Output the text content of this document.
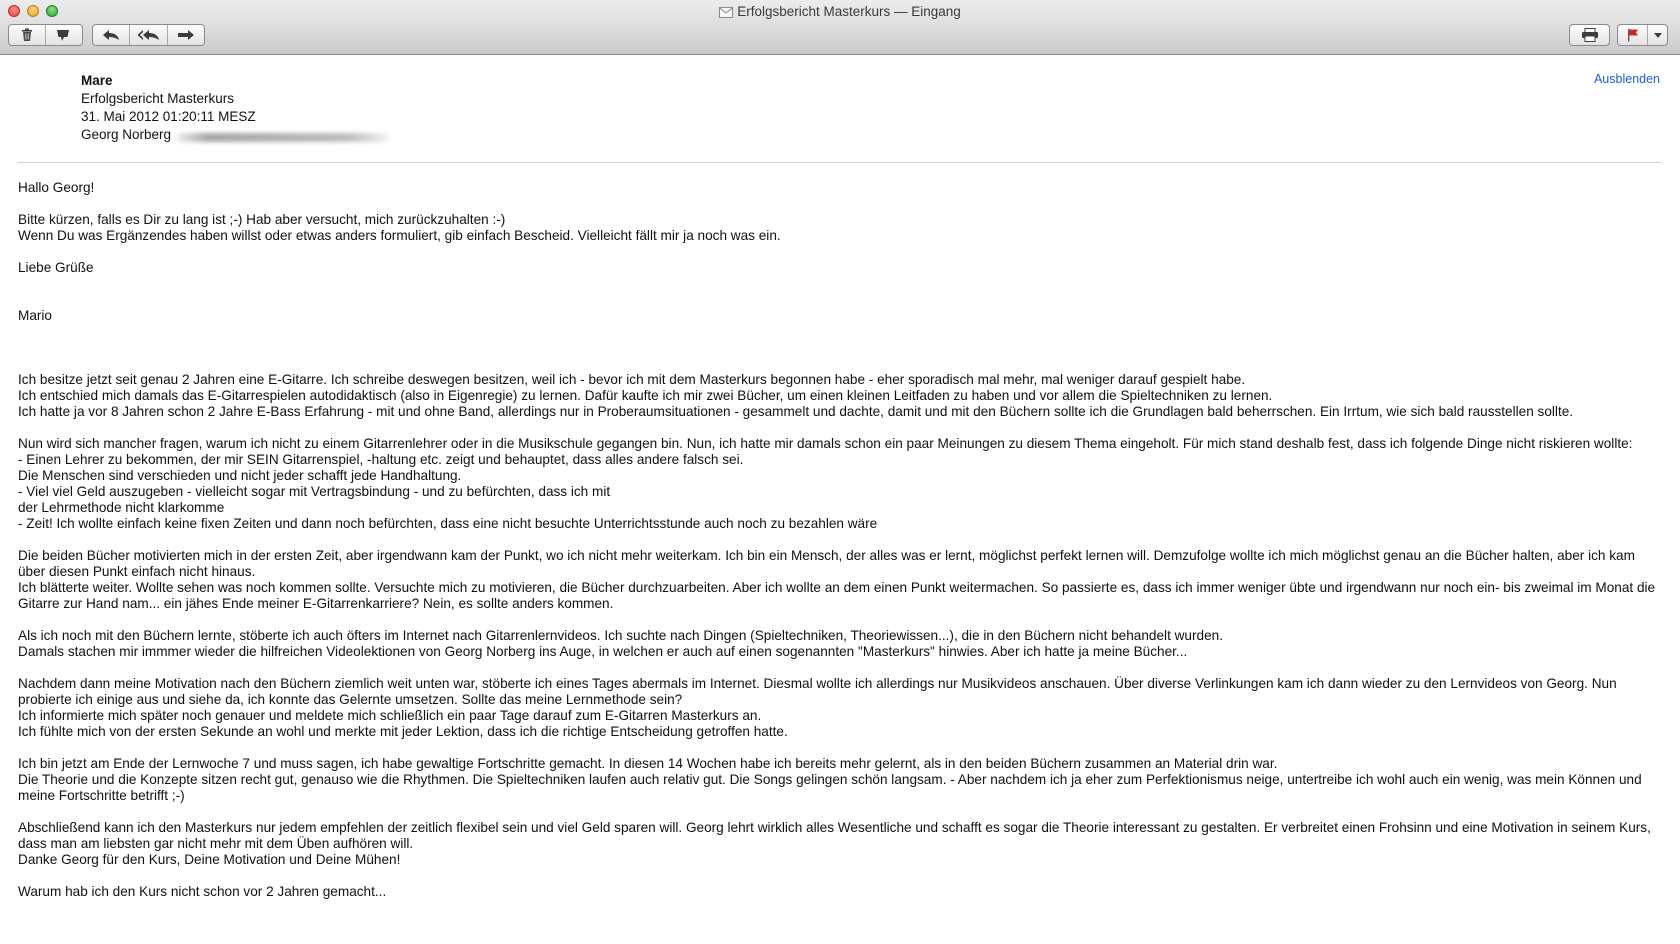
Erfolgsbericht Masterkurs — Eingang
Mare
Erfolgsbericht Masterkurs
31. Mai 2012 01:20:11 MESZ
Georg Norberg
Ausblenden

Hallo Georg!

Bitte kürzen, falls es Dir zu lang ist ;-) Hab aber versucht, mich zurückzuhalten :-)

Wenn Du was Ergänzendes haben willst oder etwas anders formuliert, gib einfach Bescheid. Vielleicht fällt mir ja noch was ein.

Liebe Grüße

Mario

Ich besitze jetzt seit genau 2 Jahren eine E-Gitarre. Ich schreibe deswegen besitzen, weil ich - bevor ich mit dem Masterkurs begonnen habe - eher sporadisch mal mehr, mal weniger darauf gespielt habe.
Ich entschied mich damals das E-Gitarrespielen autodidaktisch (also in Eigenregie) zu lernen. Dafür kaufte ich mir zwei Bücher, um einen kleinen Leitfaden zu haben und vor allem die Spieltechniken zu lernen.
Ich hatte ja vor 8 Jahren schon 2 Jahre E-Bass Erfahrung - mit und ohne Band, allerdings nur in Proberaumsituationen - gesammelt und dachte, damit und mit den Büchern sollte ich die Grundlagen bald beherrschen. Ein Irrtum, wie sich bald rausstellen sollte.

Nun wird sich mancher fragen, warum ich nicht zu einem Gitarrenlehrer oder in die Musikschule gegangen bin. Nun, ich hatte mir damals schon ein paar Meinungen zu diesem Thema eingeholt. Für mich stand deshalb fest, dass ich folgende Dinge nicht riskieren wollte:
- Einen Lehrer zu bekommen, der mir SEIN Gitarrenspiel, -haltung etc. zeigt und behauptet, dass alles andere falsch sei.
Die Menschen sind verschieden und nicht jeder schafft jede Handhaltung.
- Viel viel Geld auszugeben - vielleicht sogar mit Vertragsbindung - und zu befürchten, dass ich mit
der Lehrmethode nicht klarkomme
- Zeit! Ich wollte einfach keine fixen Zeiten und dann noch befürchten, dass eine nicht besuchte Unterrichtsstunde auch noch zu bezahlen wäre

Die beiden Bücher motivierten mich in der ersten Zeit, aber irgendwann kam der Punkt, wo ich nicht mehr weiterkam. Ich bin ein Mensch, der alles was er lernt, möglichst perfekt lernen will. Demzufolge wollte ich mich möglichst genau an die Bücher halten, aber ich kam über diesen Punkt einfach nicht hinaus.
Ich blätterte weiter. Wollte sehen was noch kommen sollte. Versuchte mich zu motivieren, die Bücher durchzuarbeiten. Aber ich wollte an dem einen Punkt weitermachen. So passierte es, dass ich immer weniger übte und irgendwann nur noch ein- bis zweimal im Monat die Gitarre zur Hand nam... ein jähes Ende meiner E-Gitarrenkarriere? Nein, es sollte anders kommen.

Als ich noch mit den Büchern lernte, stöberte ich auch öfters im Internet nach Gitarrenlernvideos. Ich suchte nach Dingen (Spieltechniken, Theoriewissen...), die in den Büchern nicht behandelt wurden.
Damals stachen mir immmer wieder die hilfreichen Videolektionen von Georg Norberg ins Auge, in welchen er auch auf einen sogenannten "Masterkurs" hinwies. Aber ich hatte ja meine Bücher...

Nachdem dann meine Motivation nach den Büchern ziemlich weit unten war, stöberte ich eines Tages abermals im Internet. Diesmal wollte ich allerdings nur Musikvideos anschauen. Über diverse Verlinkungen kam ich dann wieder zu den Lernvideos von Georg. Nun probierte ich einige aus und siehe da, ich konnte das Gelernte umsetzen. Sollte das meine Lernmethode sein?
Ich informierte mich später noch genauer und meldete mich schließlich ein paar Tage darauf zum E-Gitarren Masterkurs an.
Ich fühlte mich von der ersten Sekunde an wohl und merkte mit jeder Lektion, dass ich die richtige Entscheidung getroffen hatte.

Ich bin jetzt am Ende der Lernwoche 7 und muss sagen, ich habe gewaltige Fortschritte gemacht. In diesen 14 Wochen habe ich bereits mehr gelernt, als in den beiden Büchern zusammen an Material drin war.
Die Theorie und die Konzepte sitzen recht gut, genauso wie die Rhythmen. Die Spieltechniken laufen auch relativ gut. Die Songs gelingen schön langsam. - Aber nachdem ich ja eher zum Perfektionismus neige, untertreibe ich wohl auch ein wenig, was mein Können und meine Fortschritte betrifft ;-)

Abschließend kann ich den Masterkurs nur jedem empfehlen der zeitlich flexibel sein und viel Geld sparen will. Georg lehrt wirklich alles Wesentliche und schafft es sogar die Theorie interessant zu gestalten. Er verbreitet einen Frohsinn und eine Motivation in seinem Kurs, dass man am liebsten gar nicht mehr mit dem Üben aufhören will.
Danke Georg für den Kurs, Deine Motivation und Deine Mühen!

Warum hab ich den Kurs nicht schon vor 2 Jahren gemacht...
